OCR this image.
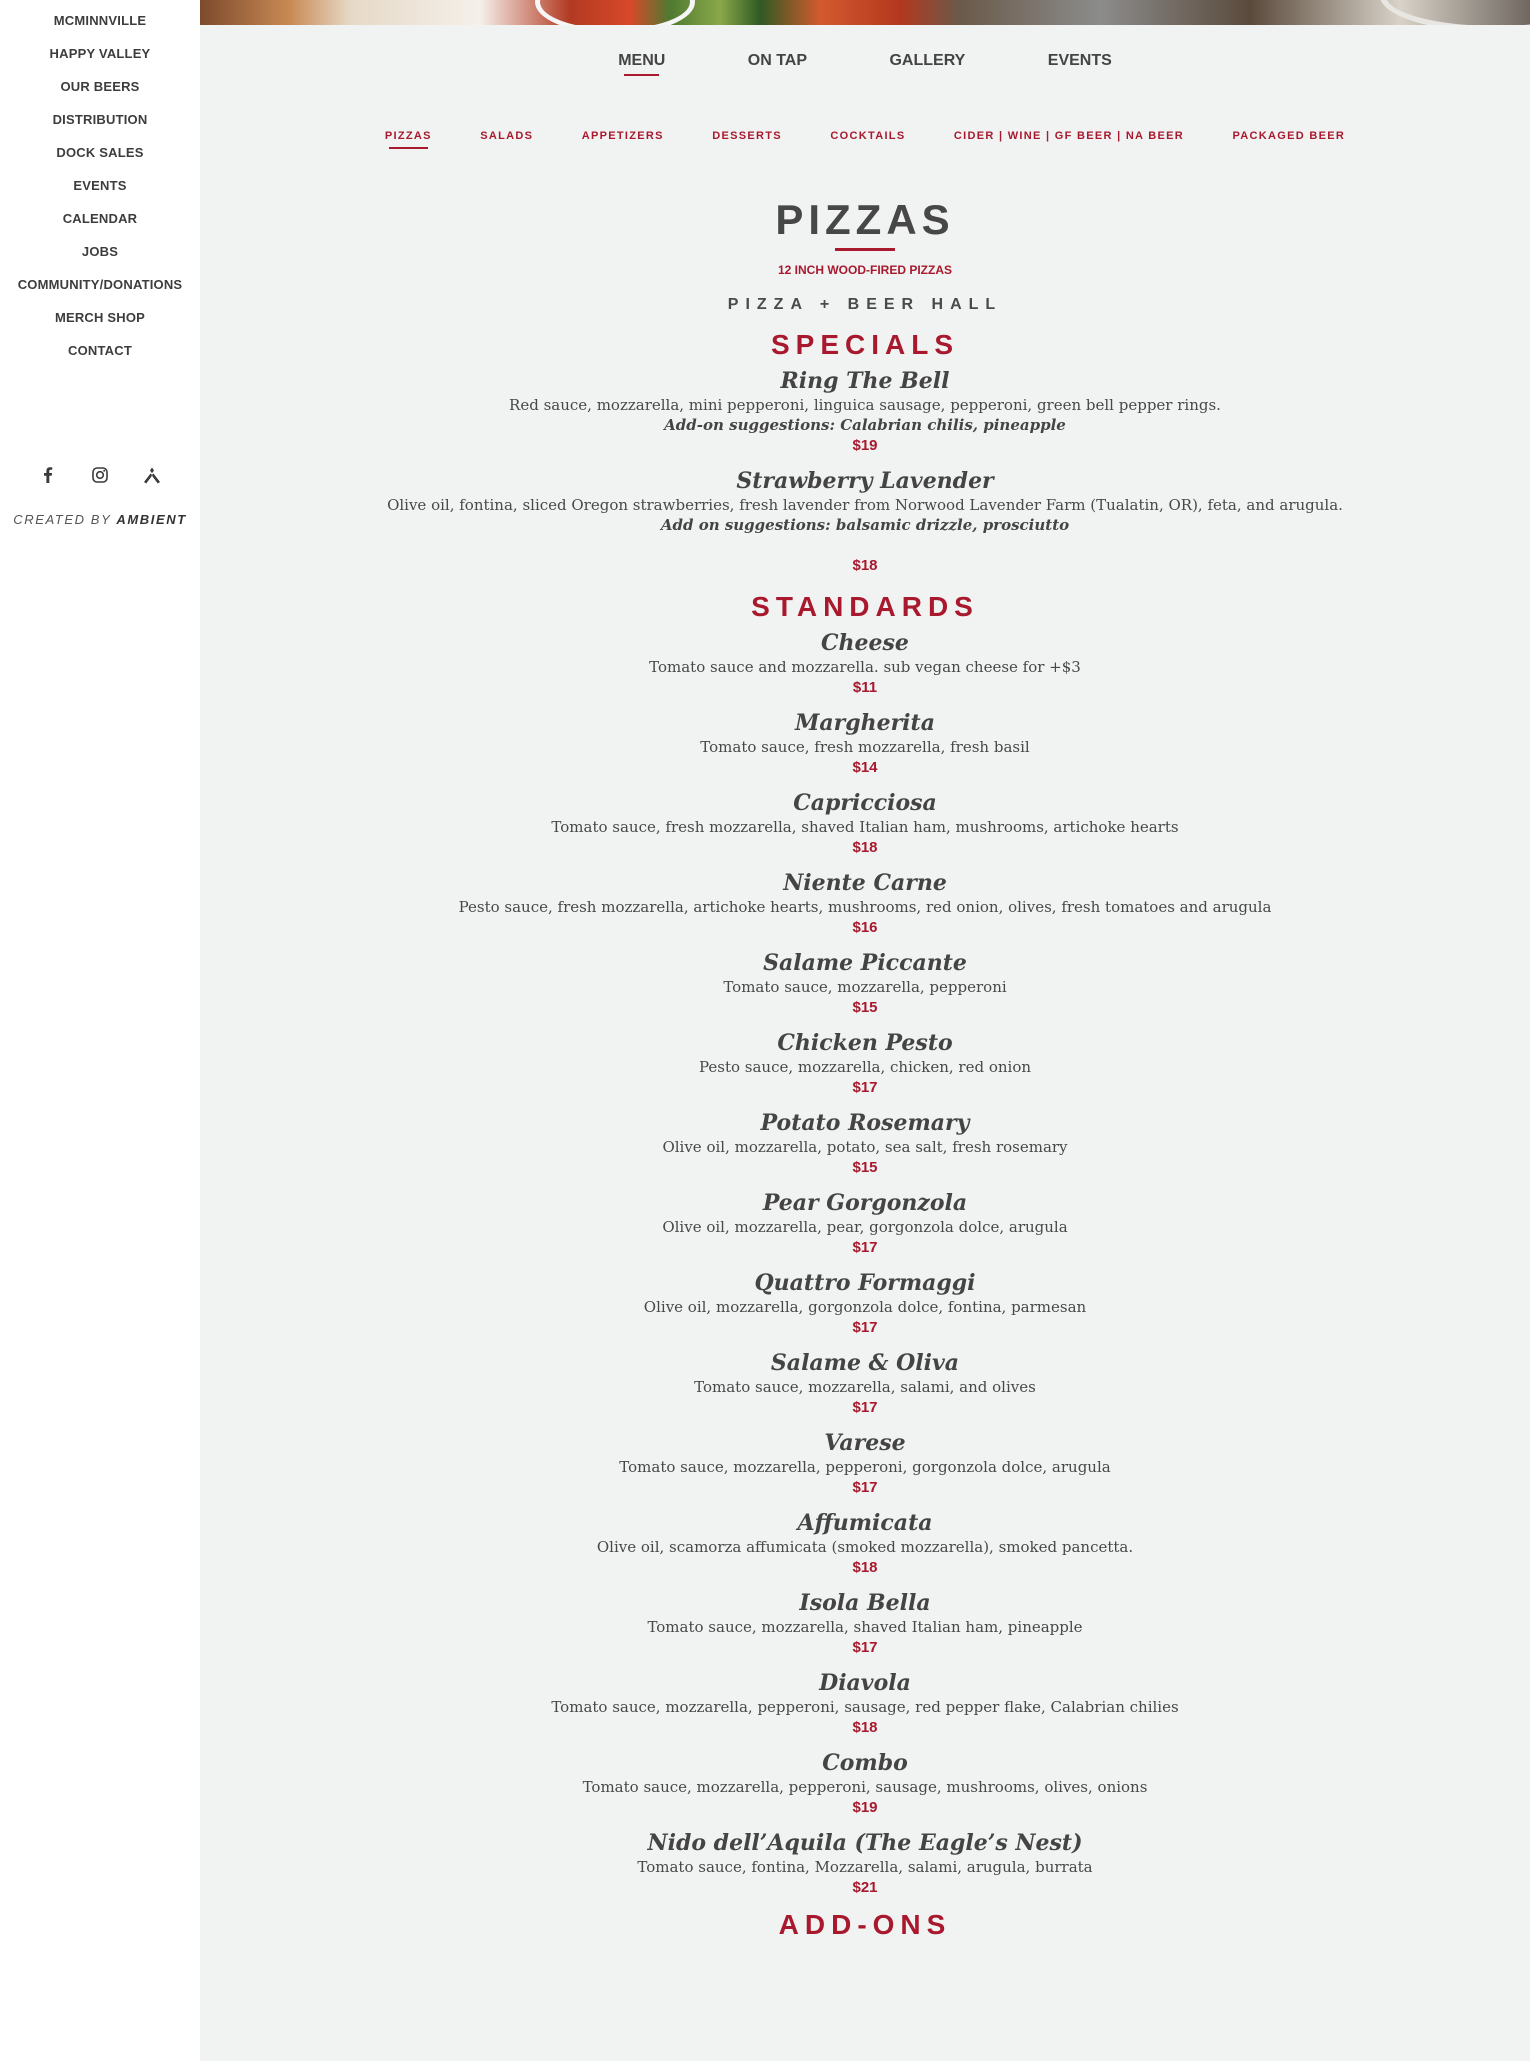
MCMINNVILLE
HAPPY VALLEY
OUR BEERS
DISTRIBUTION
DOCK SALES
EVENTS
CALENDAR
JOBS
COMMUNITY/DONATIONS
MERCH SHOP
CONTACT

CREATED BY AMBIENT
MENU	ON TAP	GALLERY	EVENTS
PIZZAS	SALADS	APPETIZERS	DESSERTS	COCKTAILS	CIDER | WINE | GF BEER | NA BEER	PACKAGED BEER
PIZZAS
12 INCH WOOD-FIRED PIZZAS
PIZZA + BEER HALL
SPECIALS
Ring The Bell
Red sauce, mozzarella, mini pepperoni, linguica sausage, pepperoni, green bell pepper rings.
Add-on suggestions: Calabrian chilis, pineapple
$19
Strawberry Lavender
Olive oil, fontina, sliced Oregon strawberries, fresh lavender from Norwood Lavender Farm (Tualatin, OR), feta, and arugula.
Add on suggestions: balsamic drizzle, prosciutto
$18
STANDARDS
Cheese
Tomato sauce and mozzarella. sub vegan cheese for +$3
$11
Margherita
Tomato sauce, fresh mozzarella, fresh basil
$14
Capricciosa
Tomato sauce, fresh mozzarella, shaved Italian ham, mushrooms, artichoke hearts
$18
Niente Carne
Pesto sauce, fresh mozzarella, artichoke hearts, mushrooms, red onion, olives, fresh tomatoes and arugula
$16
Salame Piccante
Tomato sauce, mozzarella, pepperoni
$15
Chicken Pesto
Pesto sauce, mozzarella, chicken, red onion
$17
Potato Rosemary
Olive oil, mozzarella, potato, sea salt, fresh rosemary
$15
Pear Gorgonzola
Olive oil, mozzarella, pear, gorgonzola dolce, arugula
$17
Quattro Formaggi
Olive oil, mozzarella, gorgonzola dolce, fontina, parmesan
$17
Salame & Oliva
Tomato sauce, mozzarella, salami, and olives
$17
Varese
Tomato sauce, mozzarella, pepperoni, gorgonzola dolce, arugula
$17
Affumicata
Olive oil, scamorza affumicata (smoked mozzarella), smoked pancetta.
$18
Isola Bella
Tomato sauce, mozzarella, shaved Italian ham, pineapple
$17
Diavola
Tomato sauce, mozzarella, pepperoni, sausage, red pepper flake, Calabrian chilies
$18
Combo
Tomato sauce, mozzarella, pepperoni, sausage, mushrooms, olives, onions
$19
Nido dell’Aquila (The Eagle’s Nest)
Tomato sauce, fontina, Mozzarella, salami, arugula, burrata
$21
ADD-ONS
